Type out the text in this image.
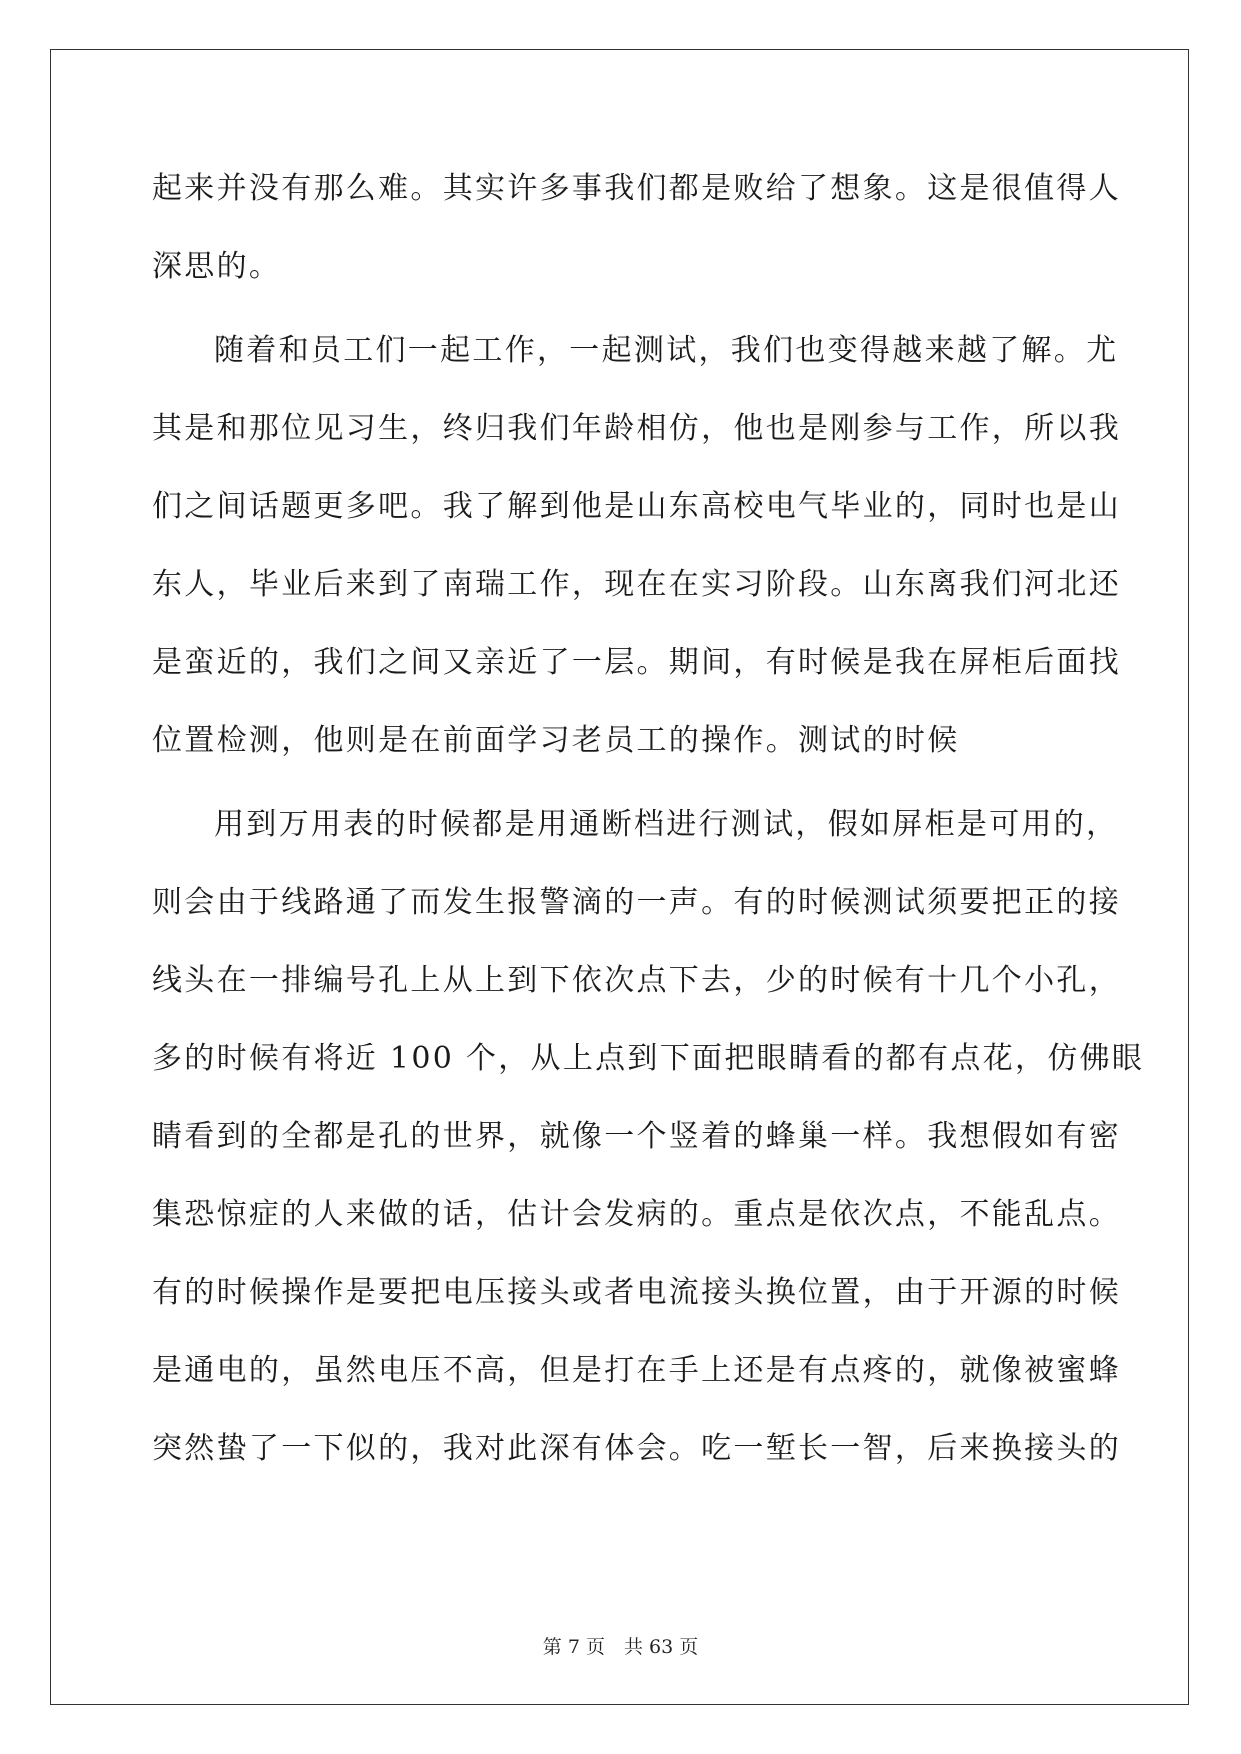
起来并没有那么难。其实许多事我们都是败给了想象。这是很值得人
深思的。
随着和员工们一起工作，一起测试，我们也变得越来越了解。尤
其是和那位见习生，终归我们年龄相仿，他也是刚参与工作，所以我
们之间话题更多吧。我了解到他是山东高校电气毕业的，同时也是山
东人，毕业后来到了南瑞工作，现在在实习阶段。山东离我们河北还
是蛮近的，我们之间又亲近了一层。期间，有时候是我在屏柜后面找
位置检测，他则是在前面学习老员工的操作。测试的时候
用到万用表的时候都是用通断档进行测试，假如屏柜是可用的，
则会由于线路通了而发生报警滴的一声。有的时候测试须要把正的接
线头在一排编号孔上从上到下依次点下去，少的时候有十几个小孔，
多的时候有将近 100 个，从上点到下面把眼睛看的都有点花，仿佛眼
睛看到的全都是孔的世界，就像一个竖着的蜂巢一样。我想假如有密
集恐惊症的人来做的话，估计会发病的。重点是依次点，不能乱点。
有的时候操作是要把电压接头或者电流接头换位置，由于开源的时候
是通电的，虽然电压不高，但是打在手上还是有点疼的，就像被蜜蜂
突然蛰了一下似的，我对此深有体会。吃一堑长一智，后来换接头的
第 7 页　共 63 页
